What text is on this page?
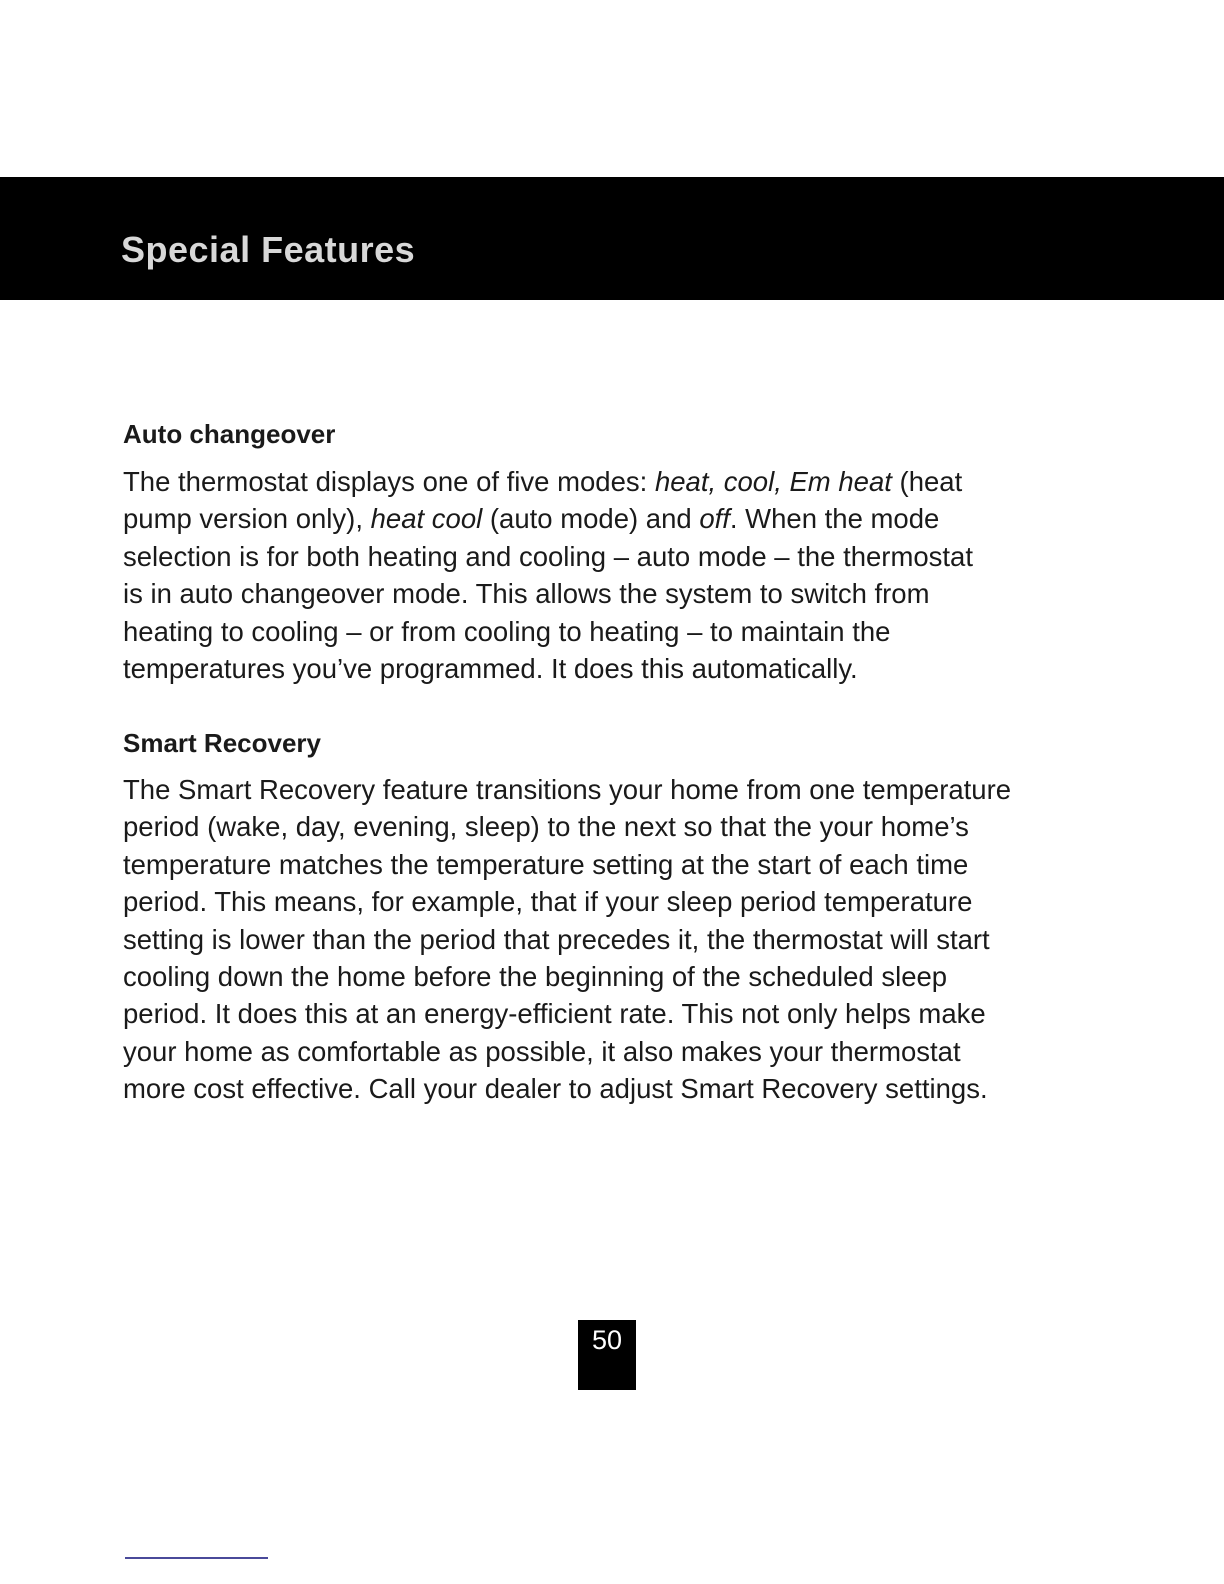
Special Features
Auto changeover

The thermostat displays one of five modes: heat, cool, Em heat (heat
pump version only), heat cool (auto mode) and off. When the mode
selection is for both heating and cooling – auto mode – the thermostat
is in auto changeover mode. This allows the system to switch from
heating to cooling – or from cooling to heating – to maintain the
temperatures you’ve programmed. It does this automatically.

Smart Recovery

The Smart Recovery feature transitions your home from one temperature
period (wake, day, evening, sleep) to the next so that the your home’s
temperature matches the temperature setting at the start of each time
period. This means, for example, that if your sleep period temperature
setting is lower than the period that precedes it, the thermostat will start
cooling down the home before the beginning of the scheduled sleep
period. It does this at an energy-efficient rate. This not only helps make
your home as comfortable as possible, it also makes your thermostat
more cost effective. Call your dealer to adjust Smart Recovery settings.

50
